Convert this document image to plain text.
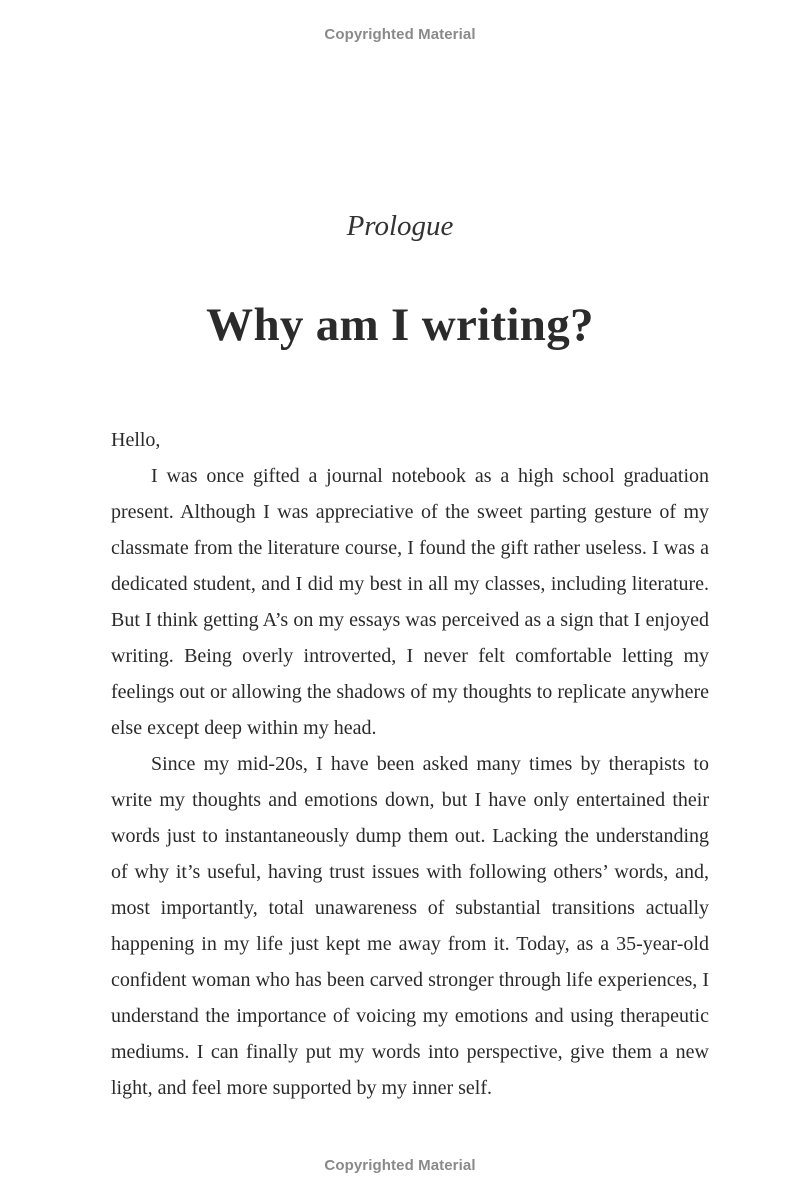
Copyrighted Material
Prologue
Why am I writing?

Hello,

I was once gifted a journal notebook as a high school graduation present. Although I was appreciative of the sweet parting gesture of my classmate from the literature course, I found the gift rather useless. I was a dedicated student, and I did my best in all my classes, including literature. But I think getting A’s on my essays was perceived as a sign that I enjoyed writing. Being overly introverted, I never felt comfortable letting my feelings out or allowing the shadows of my thoughts to replicate anywhere else except deep within my head.

Since my mid-20s, I have been asked many times by therapists to write my thoughts and emotions down, but I have only entertained their words just to instantaneously dump them out. Lacking the understanding of why it’s useful, having trust issues with following others’ words, and, most importantly, total unawareness of substantial transitions actually happening in my life just kept me away from it. Today, as a 35-year-old confident woman who has been carved stronger through life experiences, I understand the importance of voicing my emotions and using therapeutic mediums. I can finally put my words into perspective, give them a new light, and feel more supported by my inner self.

Copyrighted Material
